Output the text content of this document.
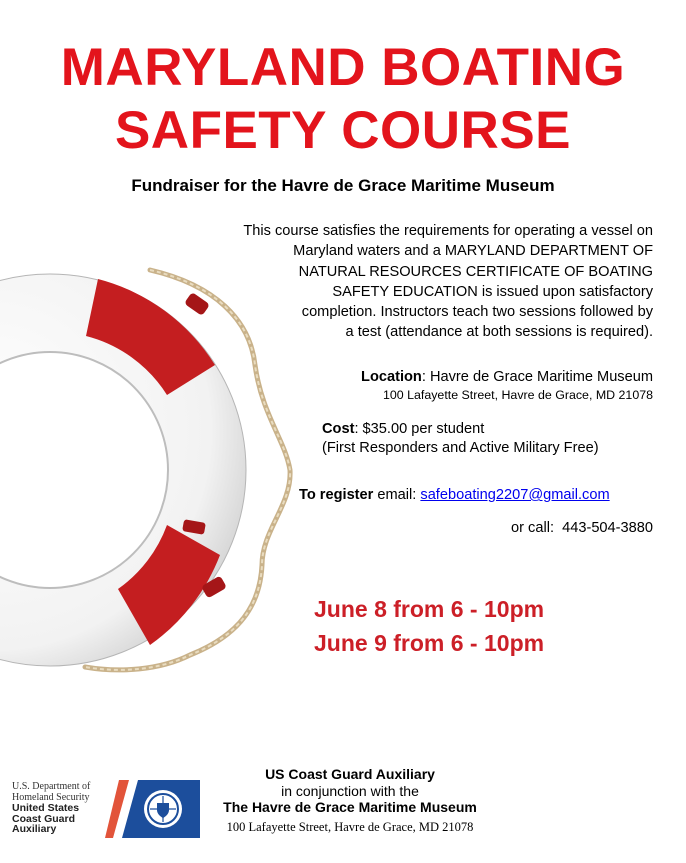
MARYLAND BOATING
SAFETY COURSE
Fundraiser for the Havre de Grace Maritime Museum
This course satisfies the requirements for operating a vessel on
Maryland waters and a MARYLAND DEPARTMENT OF
NATURAL RESOURCES CERTIFICATE OF BOATING
SAFETY EDUCATION is issued upon satisfactory
completion. Instructors teach two sessions followed by
a test (attendance at both sessions is required).
Location: Havre de Grace Maritime Museum
100 Lafayette Street, Havre de Grace, MD 21078
Cost: $35.00 per student
(First Responders and Active Military Free)
To register email: safeboating2207@gmail.com
or call:  443-504-3880
June 8 from 6 - 10pm
June 9 from 6 - 10pm
U.S. Department of
Homeland Security
United States
Coast Guard
Auxiliary
US Coast Guard Auxiliary
in conjunction with the
The Havre de Grace Maritime Museum
100 Lafayette Street, Havre de Grace, MD 21078
